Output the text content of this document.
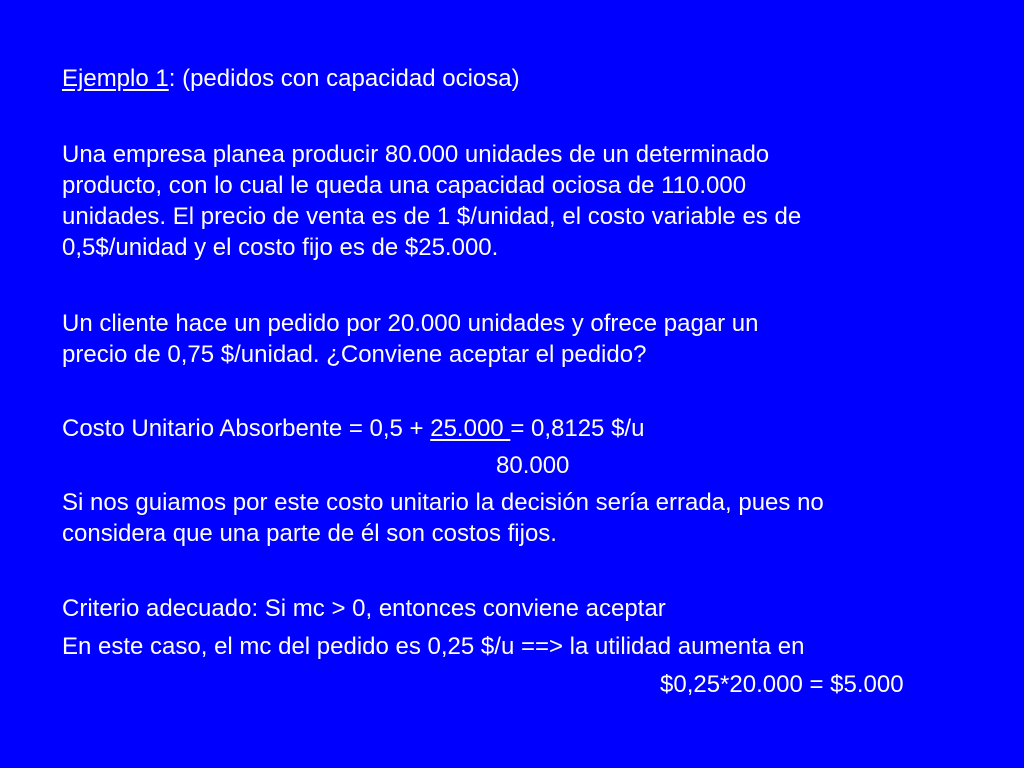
Ejemplo 1: (pedidos con capacidad ociosa)
Una empresa planea producir 80.000 unidades de un determinado
producto, con lo cual le queda una capacidad ociosa de 110.000
unidades. El precio de venta es de 1 $/unidad, el costo variable es de
0,5$/unidad y el costo fijo es de $25.000.
Un cliente hace un pedido por 20.000 unidades y ofrece pagar un
precio de 0,75 $/unidad. ¿Conviene aceptar el pedido?
Costo Unitario Absorbente = 0,5 + 25.000 = 0,8125 $/u
80.000
Si nos guiamos por este costo unitario la decisión sería errada, pues no
considera que una parte de él son costos fijos.
Criterio adecuado: Si mc > 0, entonces conviene aceptar
En este caso, el mc del pedido es 0,25 $/u ==> la utilidad aumenta en
$0,25*20.000 = $5.000
